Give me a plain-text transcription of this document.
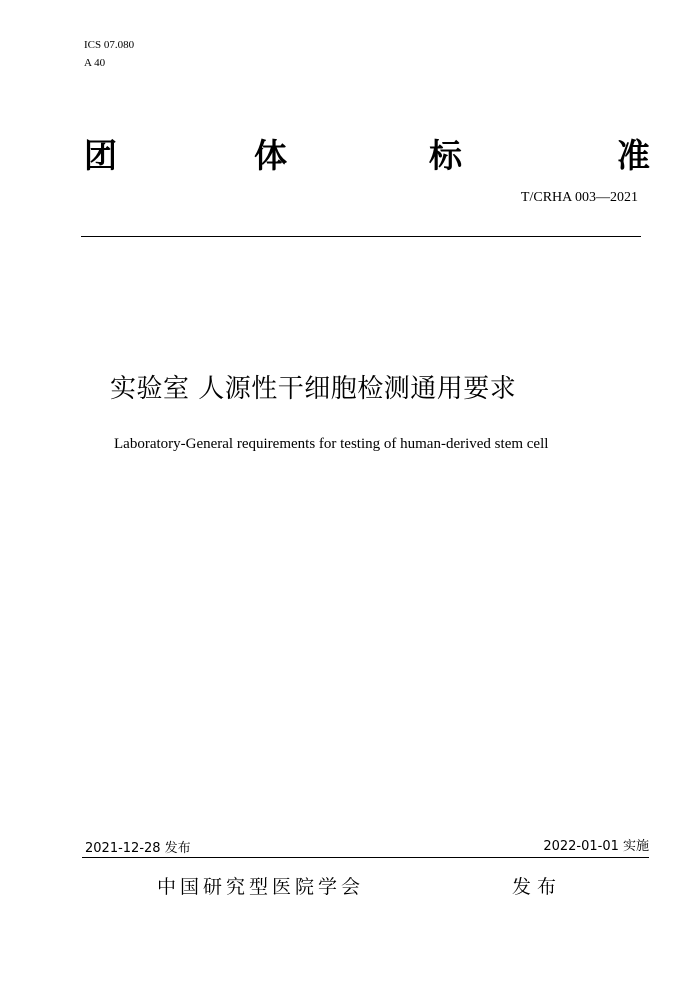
ICS 07.080
A 40
团	体	标	准
T/CRHA 003—2021
实验室 人源性干细胞检测通用要求
Laboratory-General requirements for testing of human-derived stem cell
2021-12-28 发布	2022-01-01 实施
中国研究型医院学会	发布
